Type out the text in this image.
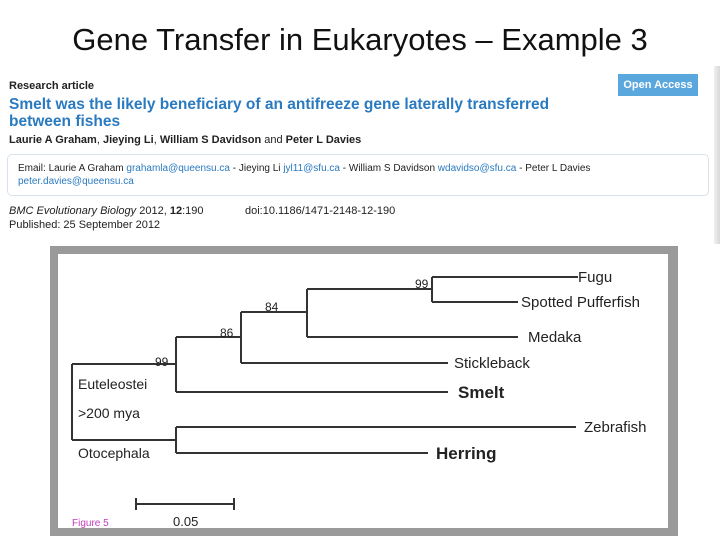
Gene Transfer in Eukaryotes – Example 3
Research article	Open Access
Smelt was the likely beneficiary of an antifreeze gene laterally transferred
between fishes
Laurie A Graham, Jieying Li, William S Davidson and Peter L Davies
Email: Laurie A Graham grahamla@queensu.ca - Jieying Li jyl11@sfu.ca - William S Davidson wdavidso@sfu.ca - Peter L Davies
peter.davies@queensu.ca
BMC Evolutionary Biology 2012, 12:190	doi:10.1186/1471-2148-12-190
Published: 25 September 2012
Fugu
Spotted Pufferfish
Medaka
Stickleback
Smelt
Zebrafish
Herring
99
84
86
99
Euteleostei
>200 mya
Otocephala
0.05
Figure 5
